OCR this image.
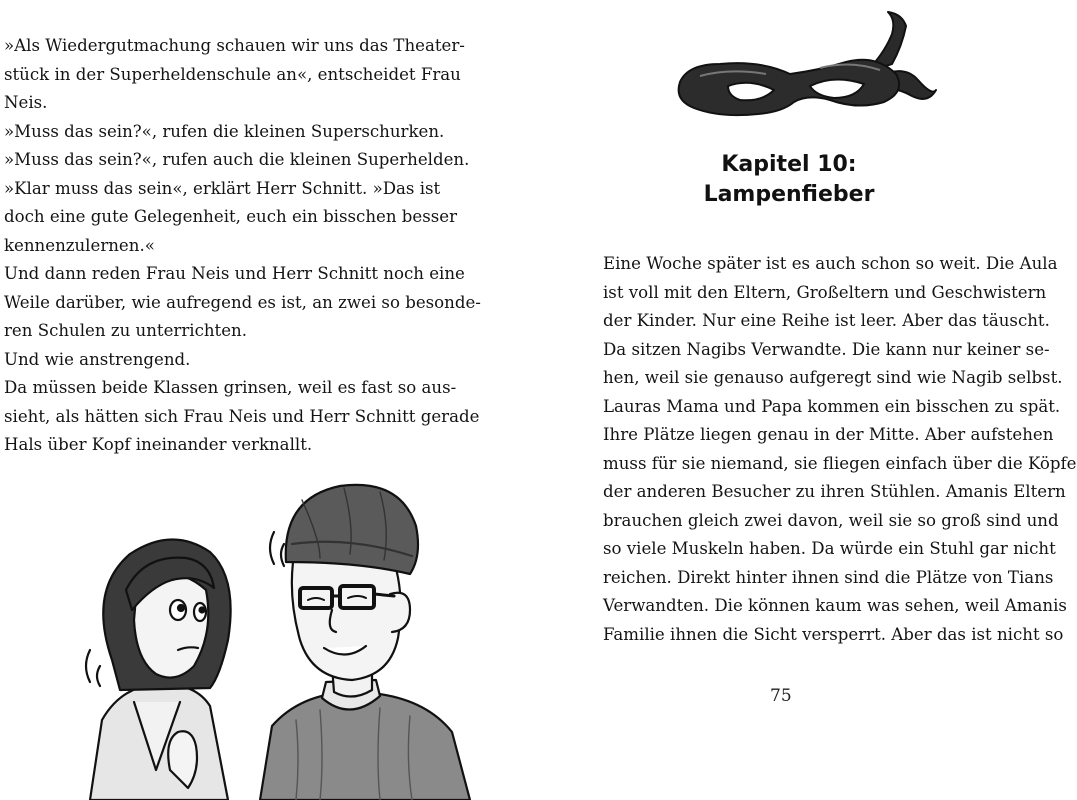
»Als Wiedergutmachung schauen wir uns das Theater-

stück in der Superheldenschule an«, entscheidet Frau

Neis.

»Muss das sein?«, rufen die kleinen Superschurken.

»Muss das sein?«, rufen auch die kleinen Superhelden.

»Klar muss das sein«, erklärt Herr Schnitt. »Das ist

doch eine gute Gelegenheit, euch ein bisschen besser

kennenzulernen.«

Und dann reden Frau Neis und Herr Schnitt noch eine

Weile darüber, wie aufregend es ist, an zwei so besonde-

ren Schulen zu unterrichten.

Und wie anstrengend.

Da müssen beide Klassen grinsen, weil es fast so aus-

sieht, als hätten sich Frau Neis und Herr Schnitt gerade

Hals über Kopf ineinander verknallt.

Kapitel 10:
Lampenfieber

Eine Woche später ist es auch schon so weit. Die Aula

ist voll mit den Eltern, Großeltern und Geschwistern

der Kinder. Nur eine Reihe ist leer. Aber das täuscht.

Da sitzen Nagibs Verwandte. Die kann nur keiner se-

hen, weil sie genauso aufgeregt sind wie Nagib selbst.

Lauras Mama und Papa kommen ein bisschen zu spät.

Ihre Plätze liegen genau in der Mitte. Aber aufstehen

muss für sie niemand, sie fliegen einfach über die Köpfe

der anderen Besucher zu ihren Stühlen. Amanis Eltern

brauchen gleich zwei davon, weil sie so groß sind und

so viele Muskeln haben. Da würde ein Stuhl gar nicht

reichen. Direkt hinter ihnen sind die Plätze von Tians

Verwandten. Die können kaum was sehen, weil Amanis

Familie ihnen die Sicht versperrt. Aber das ist nicht so

75
